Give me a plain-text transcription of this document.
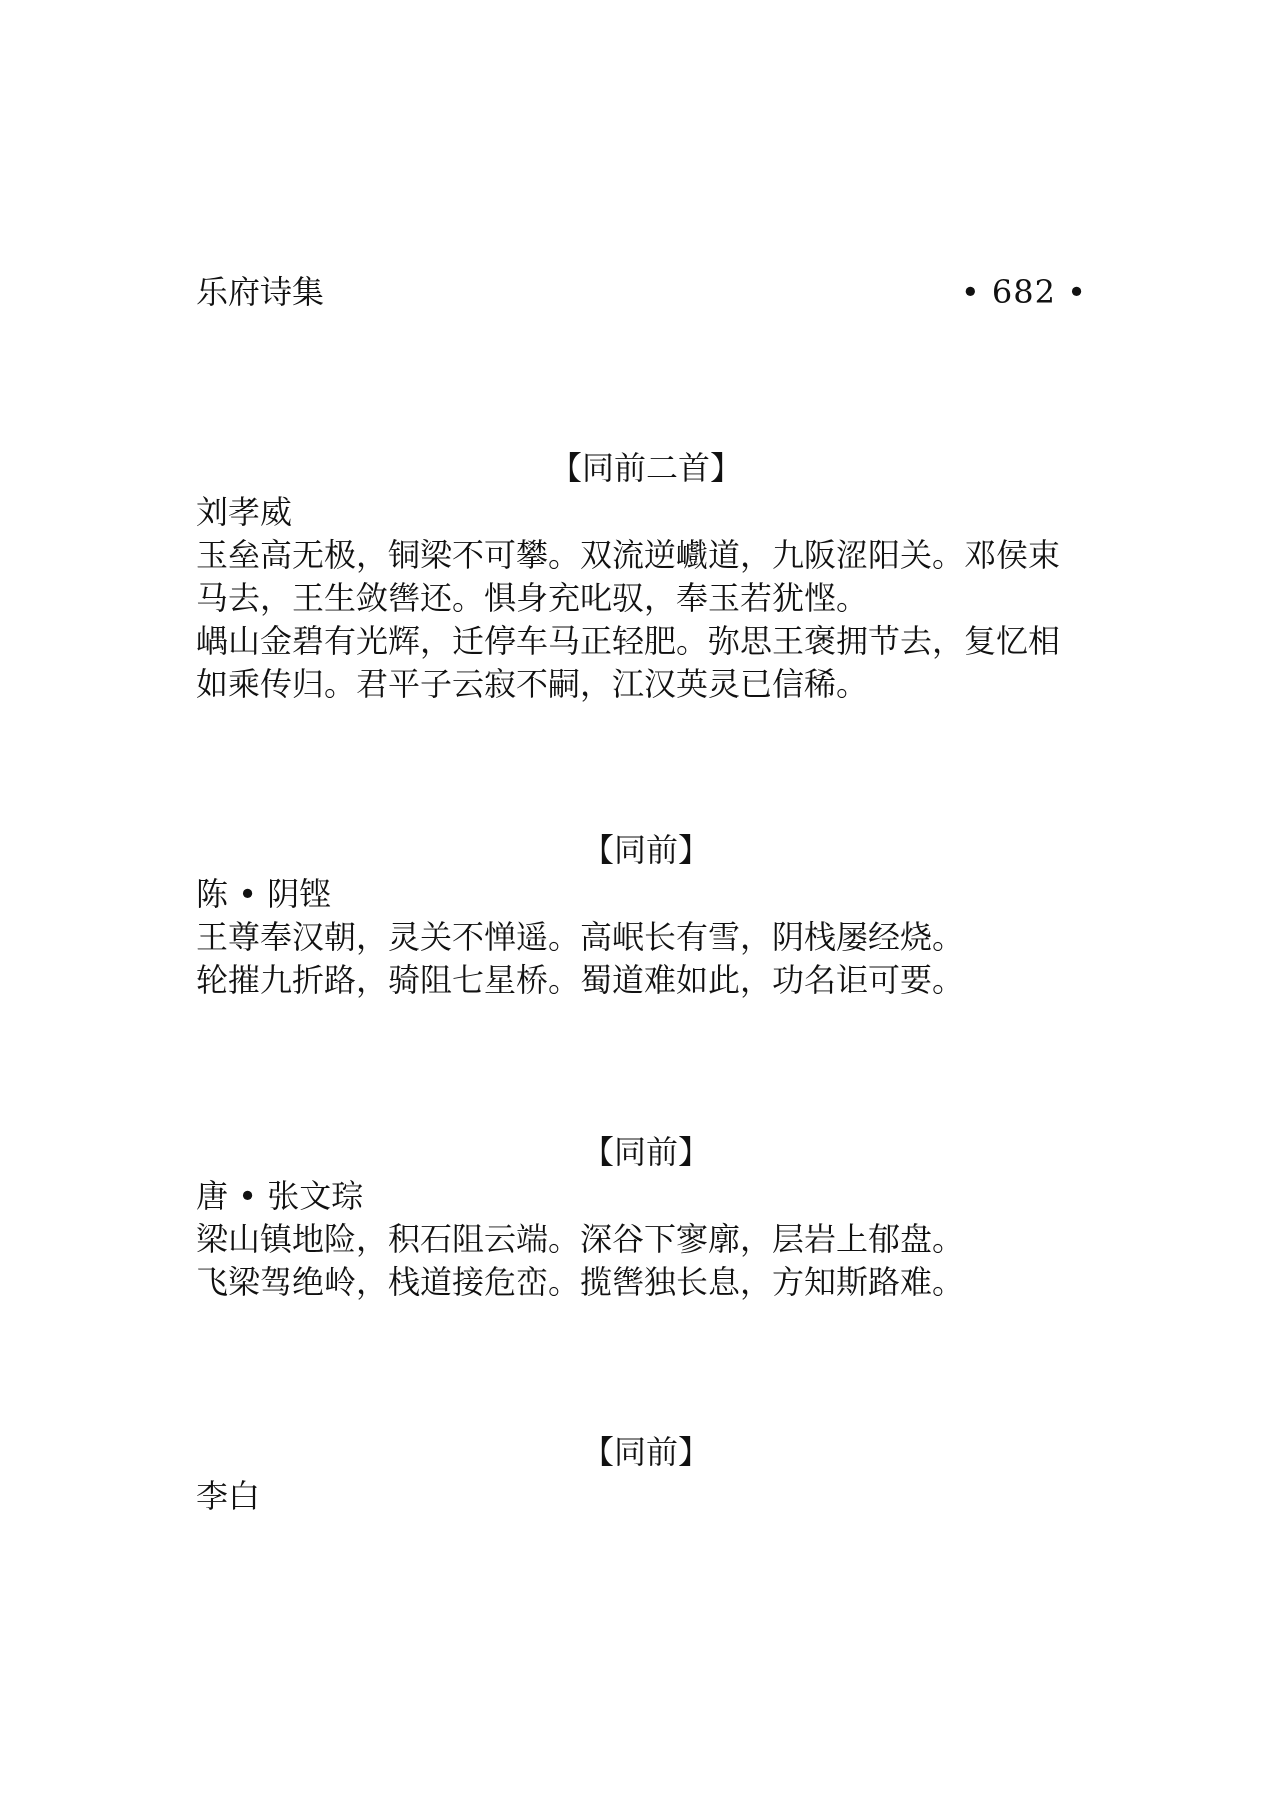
乐府诗集	• 682 •
【同前二首】
刘孝威
玉垒高无极，铜梁不可攀。双流逆巇道，九阪涩阳关。邓侯束
马去，王生敛辔还。惧身充叱驭，奉玉若犹悭。
嵎山金碧有光辉，迁停车马正轻肥。弥思王褒拥节去，复忆相
如乘传归。君平子云寂不嗣，江汉英灵已信稀。
【同前】
陈 • 阴铿
王尊奉汉朝，灵关不惮遥。高岷长有雪，阴栈屡经烧。
轮摧九折路，骑阻七星桥。蜀道难如此，功名讵可要。
【同前】
唐 • 张文琮
梁山镇地险，积石阻云端。深谷下寥廓，层岩上郁盘。
飞梁驾绝岭，栈道接危峦。揽辔独长息，方知斯路难。
【同前】
李白
